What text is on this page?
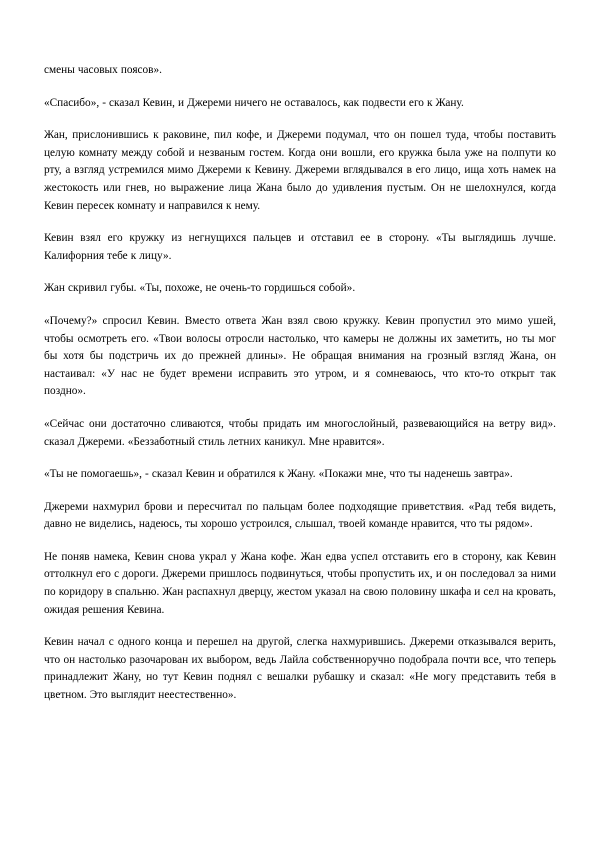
смены часовых поясов».

«Спасибо», - сказал Кевин, и Джереми ничего не оставалось, как подвести его к Жану.

Жан, прислонившись к раковине, пил кофе, и Джереми подумал, что он пошел туда, чтобы поставить целую комнату между собой и незваным гостем. Когда они вошли, его кружка была уже на полпути ко рту, а взгляд устремился мимо Джереми к Кевину. Джереми вглядывался в его лицо, ища хоть намек на жестокость или гнев, но выражение лица Жана было до удивления пустым. Он не шелохнулся, когда Кевин пересек комнату и направился к нему.

Кевин взял его кружку из негнущихся пальцев и отставил ее в сторону. «Ты выглядишь лучше. Калифорния тебе к лицу».

Жан скривил губы. «Ты, похоже, не очень-то гордишься собой».

«Почему?» спросил Кевин. Вместо ответа Жан взял свою кружку. Кевин пропустил это мимо ушей, чтобы осмотреть его. «Твои волосы отросли настолько, что камеры не должны их заметить, но ты мог бы хотя бы подстричь их до прежней длины». Не обращая внимания на грозный взгляд Жана, он настаивал: «У нас не будет времени исправить это утром, и я сомневаюсь, что кто-то открыт так поздно».

«Сейчас они достаточно сливаются, чтобы придать им многослойный, развевающийся на ветру вид». сказал Джереми. «Беззаботный стиль летних каникул. Мне нравится».

«Ты не помогаешь», - сказал Кевин и обратился к Жану. «Покажи мне, что ты наденешь завтра».

Джереми нахмурил брови и пересчитал по пальцам более подходящие приветствия. «Рад тебя видеть, давно не виделись, надеюсь, ты хорошо устроился, слышал, твоей команде нравится, что ты рядом».

Не поняв намека, Кевин снова украл у Жана кофе. Жан едва успел отставить его в сторону, как Кевин оттолкнул его с дороги. Джереми пришлось подвинуться, чтобы пропустить их, и он последовал за ними по коридору в спальню. Жан распахнул дверцу, жестом указал на свою половину шкафа и сел на кровать, ожидая решения Кевина.

Кевин начал с одного конца и перешел на другой, слегка нахмурившись. Джереми отказывался верить, что он настолько разочарован их выбором, ведь Лайла собственноручно подобрала почти все, что теперь принадлежит Жану, но тут Кевин поднял с вешалки рубашку и сказал: «Не могу представить тебя в цветном. Это выглядит неестественно».
